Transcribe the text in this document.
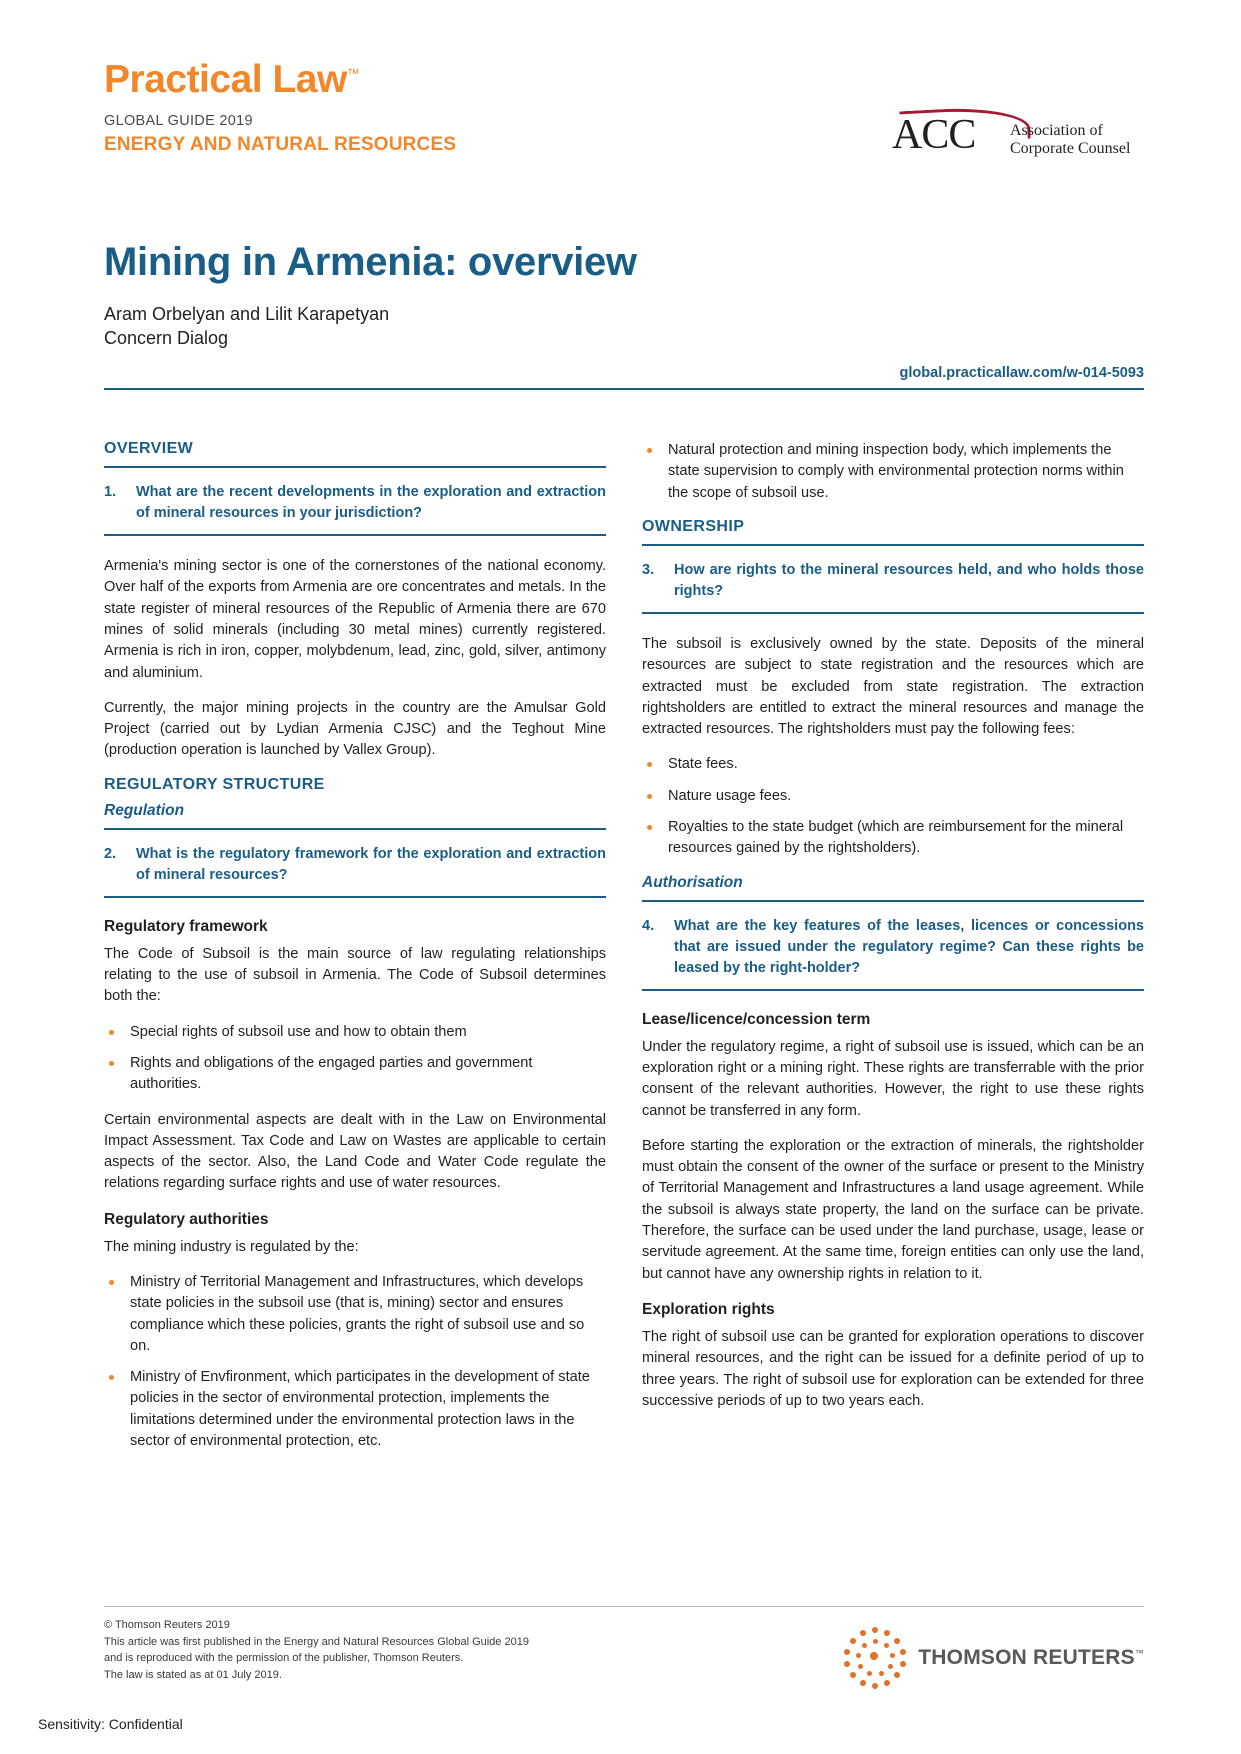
Practical Law™
GLOBAL GUIDE 2019
ENERGY AND NATURAL RESOURCES	ACC Association of
Corporate Counsel
Mining in Armenia: overview
Aram Orbelyan and Lilit Karapetyan
Concern Dialog
global.practicallaw.com/w-014-5093
OVERVIEW
1.	What are the recent developments in the exploration and extraction of mineral resources in your jurisdiction?

Armenia's mining sector is one of the cornerstones of the national economy. Over half of the exports from Armenia are ore concentrates and metals. In the state register of mineral resources of the Republic of Armenia there are 670 mines of solid minerals (including 30 metal mines) currently registered. Armenia is rich in iron, copper, molybdenum, lead, zinc, gold, silver, antimony and aluminium.

Currently, the major mining projects in the country are the Amulsar Gold Project (carried out by Lydian Armenia CJSC) and the Teghout Mine (production operation is launched by Vallex Group).

REGULATORY STRUCTURE
Regulation
2.	What is the regulatory framework for the exploration and extraction of mineral resources?
Regulatory framework

The Code of Subsoil is the main source of law regulating relationships relating to the use of subsoil in Armenia. The Code of Subsoil determines both the:

Special rights of subsoil use and how to obtain them
Rights and obligations of the engaged parties and government authorities.

Certain environmental aspects are dealt with in the Law on Environmental Impact Assessment. Tax Code and Law on Wastes are applicable to certain aspects of the sector. Also, the Land Code and Water Code regulate the relations regarding surface rights and use of water resources.

Regulatory authorities

The mining industry is regulated by the:

Ministry of Territorial Management and Infrastructures, which develops state policies in the subsoil use (that is, mining) sector and ensures compliance which these policies, grants the right of subsoil use and so on.
Ministry of Envfironment, which participates in the development of state policies in the sector of environmental protection, implements the limitations determined under the environmental protection laws in the sector of environmental protection, etc.
Natural protection and mining inspection body, which implements the state supervision to comply with environmental protection norms within the scope of subsoil use.
OWNERSHIP
3.	How are rights to the mineral resources held, and who holds those rights?

The subsoil is exclusively owned by the state. Deposits of the mineral resources are subject to state registration and the resources which are extracted must be excluded from state registration. The extraction rightsholders are entitled to extract the mineral resources and manage the extracted resources. The rightsholders must pay the following fees:

State fees.
Nature usage fees.
Royalties to the state budget (which are reimbursement for the mineral resources gained by the rightsholders).
Authorisation
4.	What are the key features of the leases, licences or concessions that are issued under the regulatory regime? Can these rights be leased by the right-holder?
Lease/licence/concession term

Under the regulatory regime, a right of subsoil use is issued, which can be an exploration right or a mining right. These rights are transferrable with the prior consent of the relevant authorities. However, the right to use these rights cannot be transferred in any form.

Before starting the exploration or the extraction of minerals, the rightsholder must obtain the consent of the owner of the surface or present to the Ministry of Territorial Management and Infrastructures a land usage agreement. While the subsoil is always state property, the land on the surface can be private. Therefore, the surface can be used under the land purchase, usage, lease or servitude agreement. At the same time, foreign entities can only use the land, but cannot have any ownership rights in relation to it.

Exploration rights

The right of subsoil use can be granted for exploration operations to discover mineral resources, and the right can be issued for a definite period of up to three years. The right of subsoil use for exploration can be extended for three successive periods of up to two years each.

© Thomson Reuters 2019
This article was first published in the Energy and Natural Resources Global Guide 2019
and is reproduced with the permission of the publisher, Thomson Reuters.
The law is stated as at 01 July 2019.
THOMSON REUTERS™
Sensitivity: Confidential
